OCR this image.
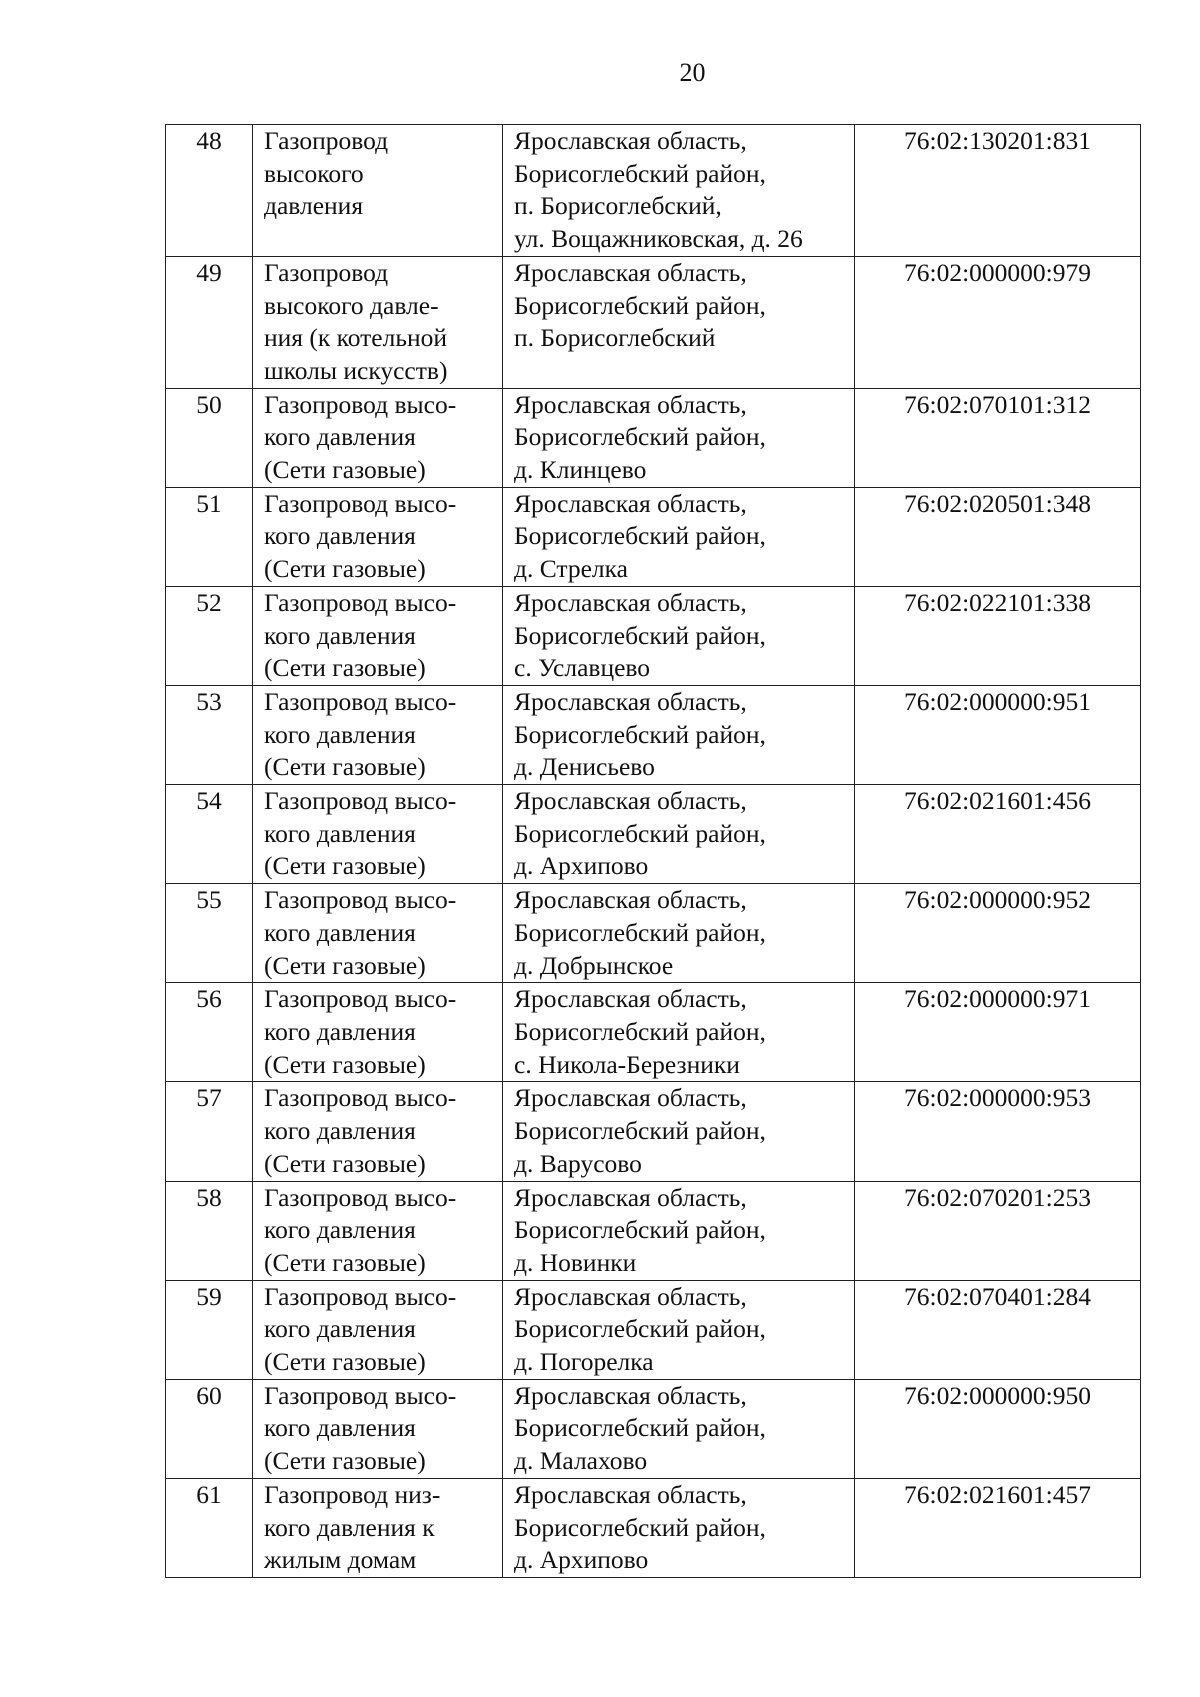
20
48	Газопровод
высокого
давления	Ярославская область,
Борисоглебский район,
п. Борисоглебский,
ул. Вощажниковская, д. 26	76:02:130201:831
49	Газопровод
высокого давле-
ния (к котельной
школы искусств)	Ярославская область,
Борисоглебский район,
п. Борисоглебский	76:02:000000:979
50	Газопровод высо-
кого давления
(Сети газовые)	Ярославская область,
Борисоглебский район,
д. Клинцево	76:02:070101:312
51	Газопровод высо-
кого давления
(Сети газовые)	Ярославская область,
Борисоглебский район,
д. Стрелка	76:02:020501:348
52	Газопровод высо-
кого давления
(Сети газовые)	Ярославская область,
Борисоглебский район,
с. Уславцево	76:02:022101:338
53	Газопровод высо-
кого давления
(Сети газовые)	Ярославская область,
Борисоглебский район,
д. Денисьево	76:02:000000:951
54	Газопровод высо-
кого давления
(Сети газовые)	Ярославская область,
Борисоглебский район,
д. Архипово	76:02:021601:456
55	Газопровод высо-
кого давления
(Сети газовые)	Ярославская область,
Борисоглебский район,
д. Добрынское	76:02:000000:952
56	Газопровод высо-
кого давления
(Сети газовые)	Ярославская область,
Борисоглебский район,
с. Никола-Березники	76:02:000000:971
57	Газопровод высо-
кого давления
(Сети газовые)	Ярославская область,
Борисоглебский район,
д. Варусово	76:02:000000:953
58	Газопровод высо-
кого давления
(Сети газовые)	Ярославская область,
Борисоглебский район,
д. Новинки	76:02:070201:253
59	Газопровод высо-
кого давления
(Сети газовые)	Ярославская область,
Борисоглебский район,
д. Погорелка	76:02:070401:284
60	Газопровод высо-
кого давления
(Сети газовые)	Ярославская область,
Борисоглебский район,
д. Малахово	76:02:000000:950
61	Газопровод низ-
кого давления к
жилым домам	Ярославская область,
Борисоглебский район,
д. Архипово	76:02:021601:457
